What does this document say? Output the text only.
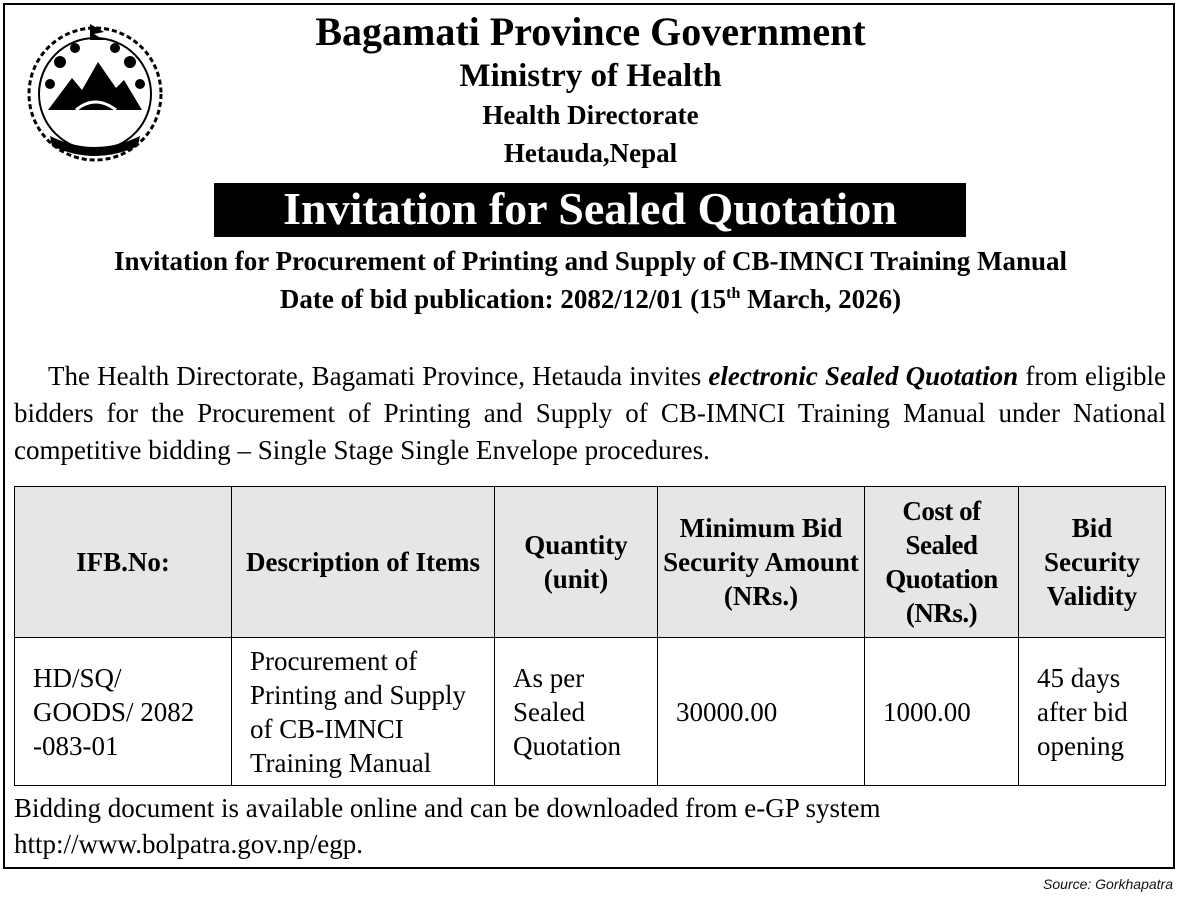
Bagamati Province Government
Ministry of Health
Health Directorate
Hetauda,Nepal
Invitation for Sealed Quotation
Invitation for Procurement of Printing and Supply of CB-IMNCI Training Manual
Date of bid publication: 2082/12/01 (15th March, 2026)
The Health Directorate, Bagamati Province, Hetauda invites electronic Sealed Quotation from eligible bidders for the Procurement of Printing and Supply of CB-IMNCI Training Manual under National competitive bidding – Single Stage Single Envelope procedures.
IFB.No:	Description of Items	Quantity (unit)	Minimum Bid Security Amount (NRs.)	Cost of Sealed Quotation (NRs.)	Bid Security Validity
HD/SQ/ GOODS/ 2082 -083-01	Procurement of Printing and Supply of CB-IMNCI Training Manual	As per Sealed Quotation	30000.00	1000.00	45 days after bid opening
Bidding document is available online and can be downloaded from e-GP system
http://www.bolpatra.gov.np/egp.
Source: Gorkhapatra
